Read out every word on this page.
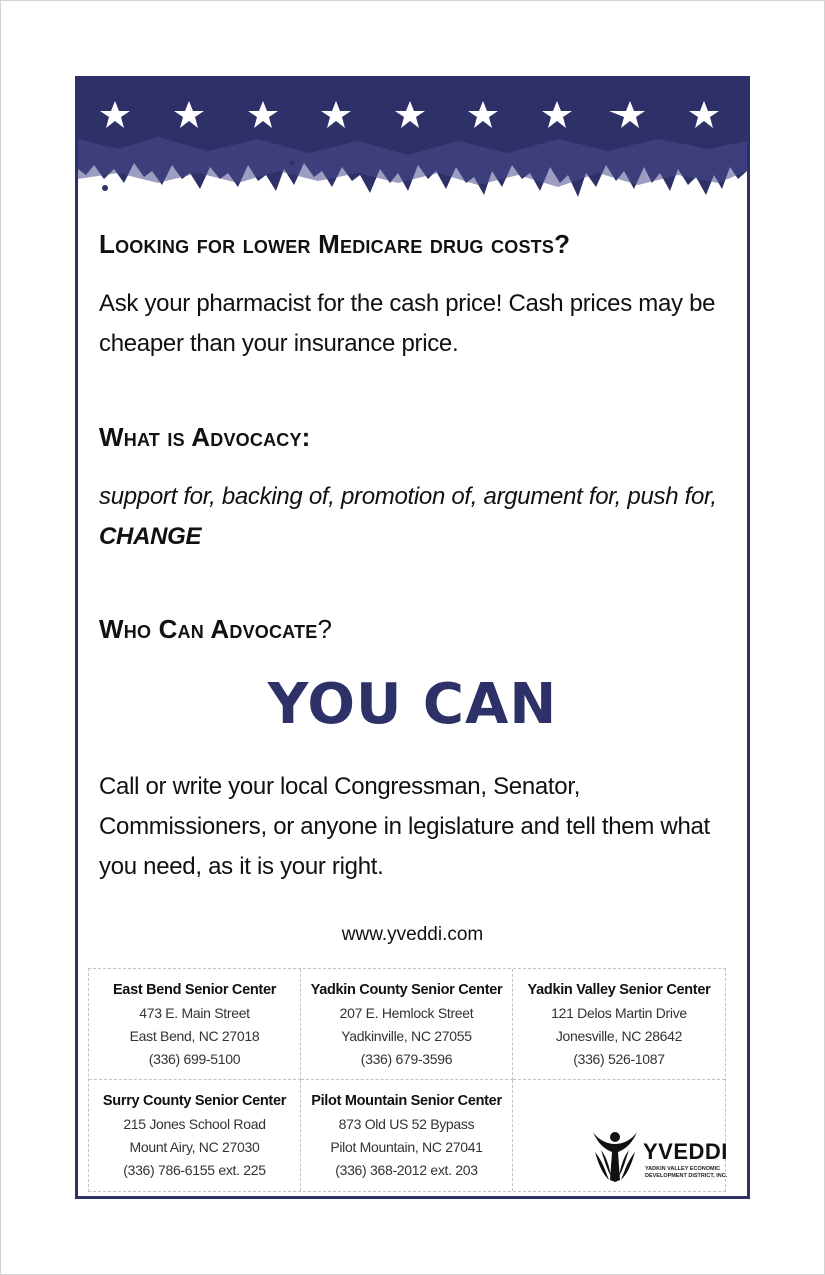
Looking for lower Medicare drug costs?

Ask your pharmacist for the cash price! Cash prices may be cheaper than your insurance price.

What is Advocacy:

support for, backing of, promotion of, argument for, push for, CHANGE

Who Can Advocate?
YOU CAN

Call or write your local Congressman, Senator, Commissioners, or anyone in legislature and tell them what you need, as it is your right.

www.yveddi.com
East Bend Senior Center
473 E. Main Street
East Bend, NC 27018
(336) 699-5100
Yadkin County Senior Center
207 E. Hemlock Street
Yadkinville, NC 27055
(336) 679-3596
Yadkin Valley Senior Center
121 Delos Martin Drive
Jonesville, NC 28642
(336) 526-1087
Surry County Senior Center
215 Jones School Road
Mount Airy, NC 27030
(336) 786-6155 ext. 225
Pilot Mountain Senior Center
873 Old US 52 Bypass
Pilot Mountain, NC 27041
(336) 368-2012 ext. 203
YVEDDI
YADKIN VALLEY ECONOMIC DEVELOPMENT DISTRICT, INC.
